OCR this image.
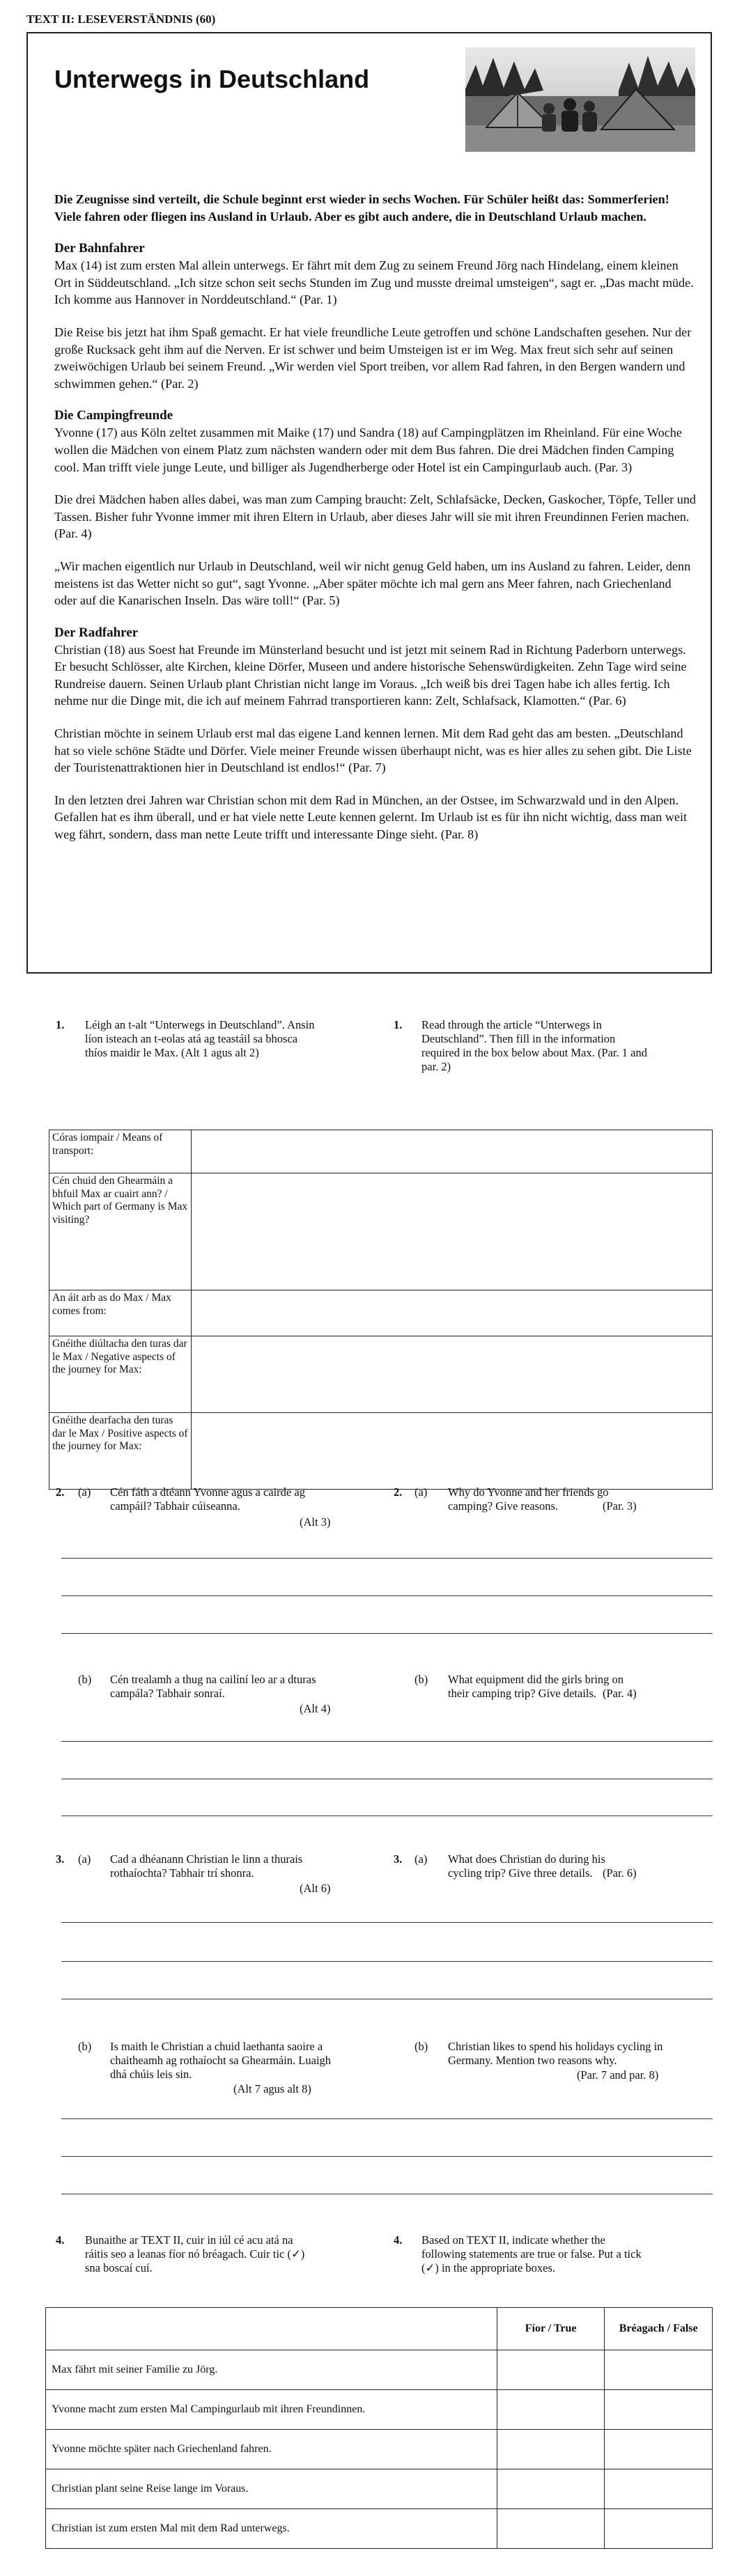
TEXT II: LESEVERSTÄNDNIS (60)
Unterwegs in Deutschland

Die Zeugnisse sind verteilt, die Schule beginnt erst wieder in sechs Wochen. Für Schüler heißt das: Sommerferien! Viele fahren oder fliegen ins Ausland in Urlaub. Aber es gibt auch andere, die in Deutschland Urlaub machen.

Der Bahnfahrer

Max (14) ist zum ersten Mal allein unterwegs. Er fährt mit dem Zug zu seinem Freund Jörg nach Hindelang, einem kleinen Ort in Süddeutschland. „Ich sitze schon seit sechs Stunden im Zug und musste dreimal umsteigen“, sagt er. „Das macht müde. Ich komme aus Hannover in Norddeutschland.“ (Par. 1)

Die Reise bis jetzt hat ihm Spaß gemacht. Er hat viele freundliche Leute getroffen und schöne Landschaften gesehen. Nur der große Rucksack geht ihm auf die Nerven. Er ist schwer und beim Umsteigen ist er im Weg. Max freut sich sehr auf seinen zweiwöchigen Urlaub bei seinem Freund. „Wir werden viel Sport treiben, vor allem Rad fahren, in den Bergen wandern und schwimmen gehen.“ (Par. 2)

Die Campingfreunde

Yvonne (17) aus Köln zeltet zusammen mit Maike (17) und Sandra (18) auf Campingplätzen im Rheinland. Für eine Woche wollen die Mädchen von einem Platz zum nächsten wandern oder mit dem Bus fahren. Die drei Mädchen finden Camping cool. Man trifft viele junge Leute, und billiger als Jugendherberge oder Hotel ist ein Campingurlaub auch. (Par. 3)

Die drei Mädchen haben alles dabei, was man zum Camping braucht: Zelt, Schlafsäcke, Decken, Gaskocher, Töpfe, Teller und Tassen. Bisher fuhr Yvonne immer mit ihren Eltern in Urlaub, aber dieses Jahr will sie mit ihren Freundinnen Ferien machen. (Par. 4)

„Wir machen eigentlich nur Urlaub in Deutschland, weil wir nicht genug Geld haben, um ins Ausland zu fahren. Leider, denn meistens ist das Wetter nicht so gut“, sagt Yvonne. „Aber später möchte ich mal gern ans Meer fahren, nach Griechenland oder auf die Kanarischen Inseln. Das wäre toll!“ (Par. 5)

Der Radfahrer

Christian (18) aus Soest hat Freunde im Münsterland besucht und ist jetzt mit seinem Rad in Richtung Paderborn unterwegs. Er besucht Schlösser, alte Kirchen, kleine Dörfer, Museen und andere historische Sehenswürdigkeiten. Zehn Tage wird seine Rundreise dauern. Seinen Urlaub plant Christian nicht lange im Voraus. „Ich weiß bis drei Tagen habe ich alles fertig. Ich nehme nur die Dinge mit, die ich auf meinem Fahrrad transportieren kann: Zelt, Schlafsack, Klamotten.“ (Par. 6)

Christian möchte in seinem Urlaub erst mal das eigene Land kennen lernen. Mit dem Rad geht das am besten. „Deutschland hat so viele schöne Städte und Dörfer. Viele meiner Freunde wissen überhaupt nicht, was es hier alles zu sehen gibt. Die Liste der Touristenattraktionen hier in Deutschland ist endlos!“ (Par. 7)

In den letzten drei Jahren war Christian schon mit dem Rad in München, an der Ostsee, im Schwarzwald und in den Alpen. Gefallen hat es ihm überall, und er hat viele nette Leute kennen gelernt. Im Urlaub ist es für ihn nicht wichtig, dass man weit weg fährt, sondern, dass man nette Leute trifft und interessante Dinge sieht. (Par. 8)

1. Léigh an t-alt “Unterwegs in Deutschland”. Ansin líon isteach an t-eolas atá ag teastáil sa bhosca thíos maidir le Max. (Alt 1 agus alt 2)
1. Read through the article “Unterwegs in Deutschland”. Then fill in the information required in the box below about Max. (Par. 1 and par. 2)
Córas iompair / Means of transport:	
Cén chuid den Ghearmáin a bhfuil Max ar cuairt ann? / Which part of Germany is Max visiting?	
An áit arb as do Max / Max comes from:	
Gnéithe diúltacha den turas dar le Max / Negative aspects of the journey for Max:	
Gnéithe dearfacha den turas dar le Max / Positive aspects of the journey for Max:	
2. (a) Cén fáth a dtéann Yvonne agus a cairde ag campáil? Tabhair cúiseanna.
(Alt 3)
2. (a) Why do Yvonne and her friends go camping? Give reasons.	(Par. 3)
(b) Cén trealamh a thug na cailíní leo ar a dturas campála? Tabhair sonraí.
(Alt 4)
(b) What equipment did the girls bring on their camping trip? Give details. (Par. 4)
3. (a) Cad a dhéanann Christian le linn a thurais rothaíochta? Tabhair trí shonra.
(Alt 6)
3. (a) What does Christian do during his cycling trip? Give three details. (Par. 6)
(b) Is maith le Christian a chuid laethanta saoire a chaitheamh ag rothaíocht sa Ghearmáin. Luaigh dhá chúis leis sin.
(Alt 7 agus alt 8)
(b) Christian likes to spend his holidays cycling in Germany. Mention two reasons why.
(Par. 7 and par. 8)
4. Bunaithe ar TEXT II, cuir in iúl cé acu atá na ráitis seo a leanas fíor nó bréagach. Cuir tic (✓) sna boscaí cuí.
4. Based on TEXT II, indicate whether the following statements are true or false. Put a tick (✓) in the appropriate boxes.
	Fíor / True	Bréagach / False
Max fährt mit seiner Familie zu Jörg.		
Yvonne macht zum ersten Mal Campingurlaub mit ihren Freundinnen.		
Yvonne möchte später nach Griechenland fahren.		
Christian plant seine Reise lange im Voraus.		
Christian ist zum ersten Mal mit dem Rad unterwegs.		
